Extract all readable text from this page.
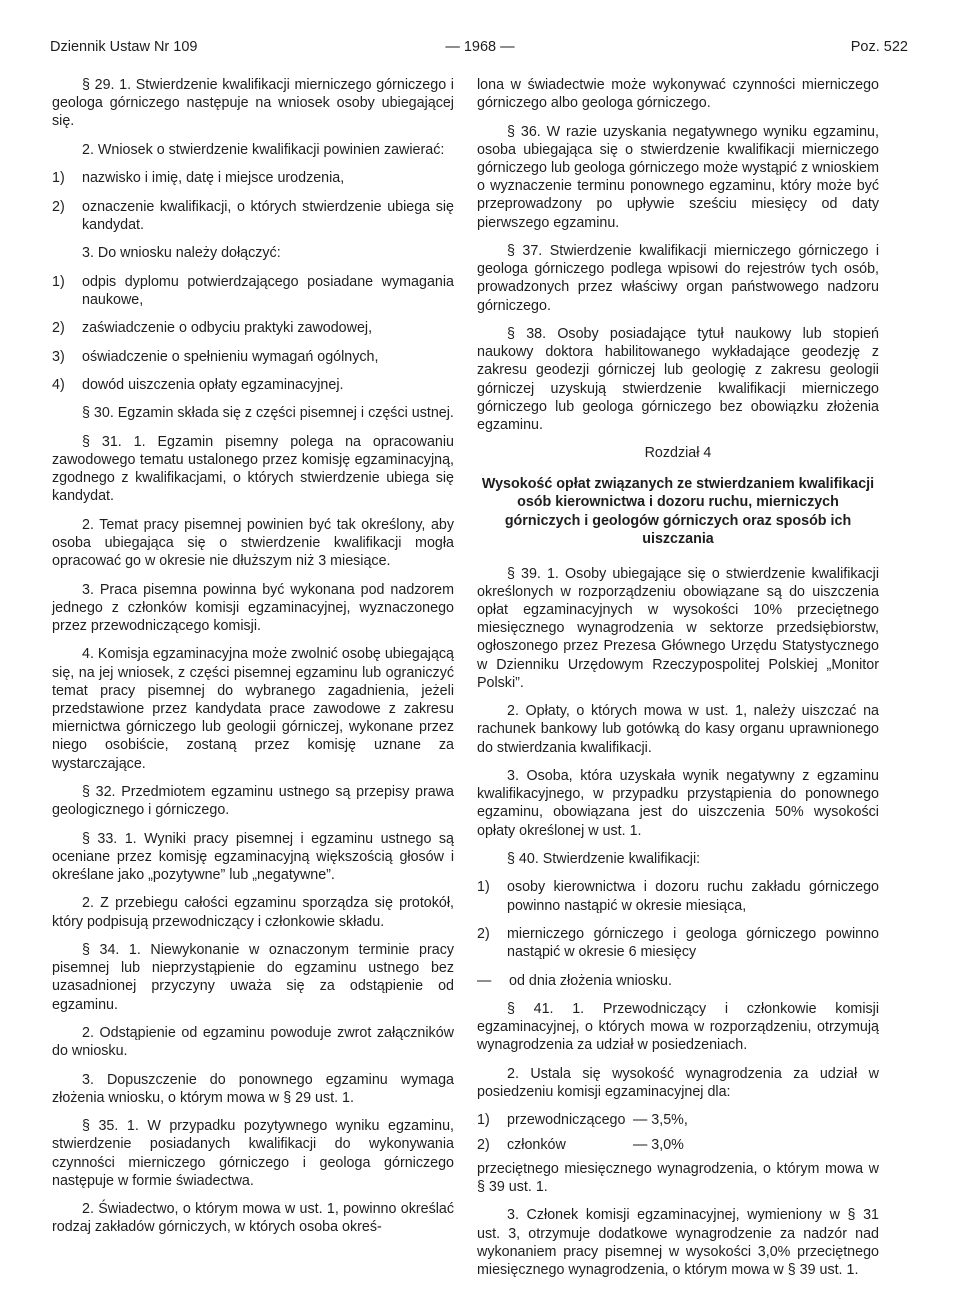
Dziennik Ustaw Nr 109	— 1968 —	Poz. 522
§ 29. 1. Stwierdzenie kwalifikacji mierniczego górniczego i geologa górniczego następuje na wniosek osoby ubiegającej się.
2. Wniosek o stwierdzenie kwalifikacji powinien zawierać:
1)	nazwisko i imię, datę i miejsce urodzenia,
2)	oznaczenie kwalifikacji, o których stwierdzenie ubiega się kandydat.
3. Do wniosku należy dołączyć:
1)	odpis dyplomu potwierdzającego posiadane wymagania naukowe,
2)	zaświadczenie o odbyciu praktyki zawodowej,
3)	oświadczenie o spełnieniu wymagań ogólnych,
4)	dowód uiszczenia opłaty egzaminacyjnej.
§ 30. Egzamin składa się z części pisemnej i części ustnej.
§ 31. 1. Egzamin pisemny polega na opracowaniu zawodowego tematu ustalonego przez komisję egzaminacyjną, zgodnego z kwalifikacjami, o których stwierdzenie ubiega się kandydat.
2. Temat pracy pisemnej powinien być tak określony, aby osoba ubiegająca się o stwierdzenie kwalifikacji mogła opracować go w okresie nie dłuższym niż 3 miesiące.
3. Praca pisemna powinna być wykonana pod nadzorem jednego z członków komisji egzaminacyjnej, wyznaczonego przez przewodniczącego komisji.
4. Komisja egzaminacyjna może zwolnić osobę ubiegającą się, na jej wniosek, z części pisemnej egzaminu lub ograniczyć temat pracy pisemnej do wybranego zagadnienia, jeżeli przedstawione przez kandydata prace zawodowe z zakresu miernictwa górniczego lub geologii górniczej, wykonane przez niego osobiście, zostaną przez komisję uznane za wystarczające.
§ 32. Przedmiotem egzaminu ustnego są przepisy prawa geologicznego i górniczego.
§ 33. 1. Wyniki pracy pisemnej i egzaminu ustnego są oceniane przez komisję egzaminacyjną większością głosów i określane jako „pozytywne” lub „negatywne”.
2. Z przebiegu całości egzaminu sporządza się protokół, który podpisują przewodniczący i członkowie składu.
§ 34. 1. Niewykonanie w oznaczonym terminie pracy pisemnej lub nieprzystąpienie do egzaminu ustnego bez uzasadnionej przyczyny uważa się za odstąpienie od egzaminu.
2. Odstąpienie od egzaminu powoduje zwrot załączników do wniosku.
3. Dopuszczenie do ponownego egzaminu wymaga złożenia wniosku, o którym mowa w § 29 ust. 1.
§ 35. 1. W przypadku pozytywnego wyniku egzaminu, stwierdzenie posiadanych kwalifikacji do wykonywania czynności mierniczego górniczego i geologa górniczego następuje w formie świadectwa.
2. Świadectwo, o którym mowa w ust. 1, powinno określać rodzaj zakładów górniczych, w których osoba okreś-
lona w świadectwie może wykonywać czynności mierniczego górniczego albo geologa górniczego.
§ 36. W razie uzyskania negatywnego wyniku egzaminu, osoba ubiegająca się o stwierdzenie kwalifikacji mierniczego górniczego lub geologa górniczego może wystąpić z wnioskiem o wyznaczenie terminu ponownego egzaminu, który może być przeprowadzony po upływie sześciu miesięcy od daty pierwszego egzaminu.
§ 37. Stwierdzenie kwalifikacji mierniczego górniczego i geologa górniczego podlega wpisowi do rejestrów tych osób, prowadzonych przez właściwy organ państwowego nadzoru górniczego.
§ 38. Osoby posiadające tytuł naukowy lub stopień naukowy doktora habilitowanego wykładające geodezję z zakresu geodezji górniczej lub geologię z zakresu geologii górniczej uzyskują stwierdzenie kwalifikacji mierniczego górniczego lub geologa górniczego bez obowiązku złożenia egzaminu.
Rozdział 4
Wysokość opłat związanych ze stwierdzaniem kwalifikacji osób kierownictwa i dozoru ruchu, mierniczych górniczych i geologów górniczych oraz sposób ich uiszczania
§ 39. 1. Osoby ubiegające się o stwierdzenie kwalifikacji określonych w rozporządzeniu obowiązane są do uiszczenia opłat egzaminacyjnych w wysokości 10% przeciętnego miesięcznego wynagrodzenia w sektorze przedsiębiorstw, ogłoszonego przez Prezesa Głównego Urzędu Statystycznego w Dzienniku Urzędowym Rzeczypospolitej Polskiej „Monitor Polski”.
2. Opłaty, o których mowa w ust. 1, należy uiszczać na rachunek bankowy lub gotówką do kasy organu uprawnionego do stwierdzania kwalifikacji.
3. Osoba, która uzyskała wynik negatywny z egzaminu kwalifikacyjnego, w przypadku przystąpienia do ponownego egzaminu, obowiązana jest do uiszczenia 50% wysokości opłaty określonej w ust. 1.
§ 40. Stwierdzenie kwalifikacji:
1)	osoby kierownictwa i dozoru ruchu zakładu górniczego powinno nastąpić w okresie miesiąca,
2)	mierniczego górniczego i geologa górniczego powinno nastąpić w okresie 6 miesięcy
—	od dnia złożenia wniosku.
§ 41. 1. Przewodniczący i członkowie komisji egzaminacyjnej, o których mowa w rozporządzeniu, otrzymują wynagrodzenia za udział w posiedzeniach.
2. Ustala się wysokość wynagrodzenia za udział w posiedzeniu komisji egzaminacyjnej dla:
1)	przewodniczącego — 3,5%,
2)	członków	— 3,0%
przeciętnego miesięcznego wynagrodzenia, o którym mowa w § 39 ust. 1.
3. Członek komisji egzaminacyjnej, wymieniony w § 31 ust. 3, otrzymuje dodatkowe wynagrodzenie za nadzór nad wykonaniem pracy pisemnej w wysokości 3,0% przeciętnego miesięcznego wynagrodzenia, o którym mowa w § 39 ust. 1.
